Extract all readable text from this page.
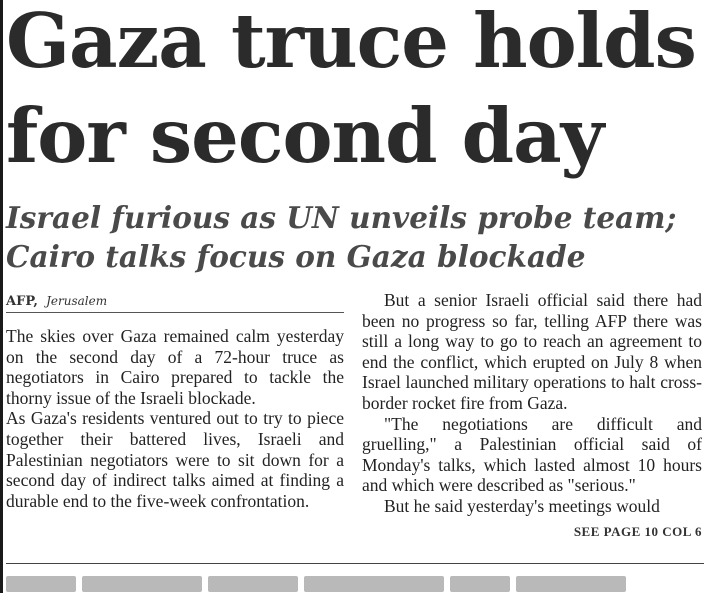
Gaza truce holds
for second day
Israel furious as UN unveils probe team;
Cairo talks focus on Gaza blockade
AFP, Jerusalem

The skies over Gaza remained calm yesterday on the second day of a 72-hour truce as negotiators in Cairo prepared to tackle the thorny issue of the Israeli blockade.

As Gaza's residents ventured out to try to piece together their battered lives, Israeli and Palestinian negotiators were to sit down for a second day of indirect talks aimed at finding a durable end to the five-week confrontation.

But a senior Israeli official said there had been no progress so far, telling AFP there was still a long way to go to reach an agreement to end the conflict, which erupted on July 8 when Israel launched military operations to halt cross-border rocket fire from Gaza.

"The negotiations are difficult and gruelling," a Palestinian official said of Monday's talks, which lasted almost 10 hours and which were described as "serious."

But he said yesterday's meetings would

SEE PAGE 10 COL 6
